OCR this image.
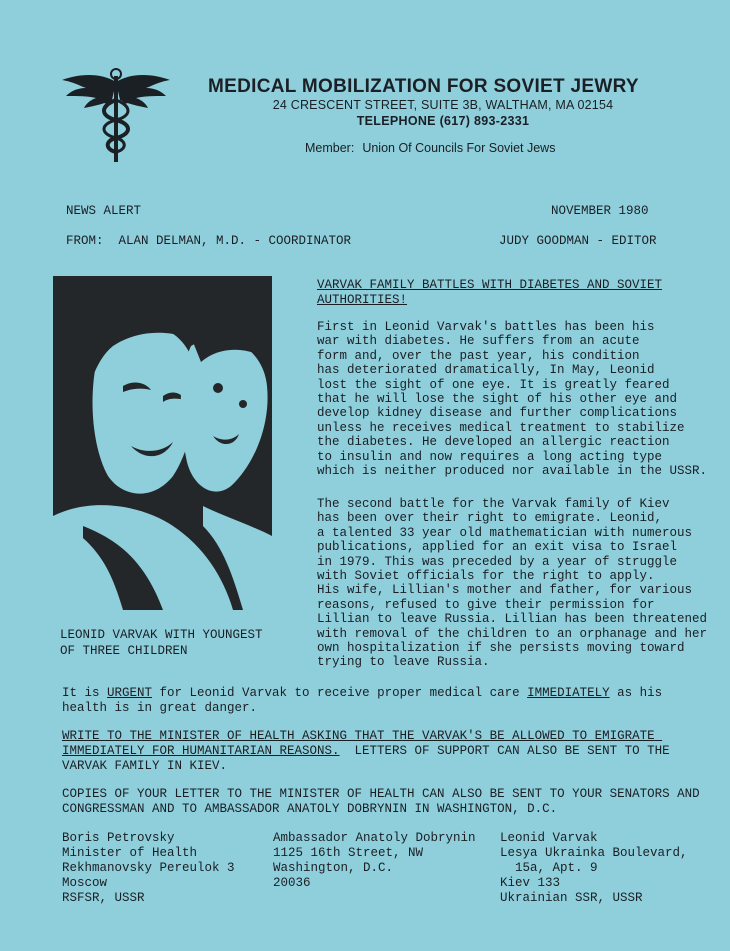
MEDICAL MOBILIZATION FOR SOVIET JEWRY
24 CRESCENT STREET, SUITE 3B, WALTHAM, MA 02154
TELEPHONE (617) 893-2331
Member: Union Of Councils For Soviet Jews
NEWS ALERT	NOVEMBER 1980
FROM:  ALAN DELMAN, M.D. - COORDINATOR	JUDY GOODMAN - EDITOR
LEONID VARVAK WITH YOUNGEST
OF THREE CHILDREN
VARVAK FAMILY BATTLES WITH DIABETES AND SOVIET AUTHORITIES!
First in Leonid Varvak's battles has been his
war with diabetes. He suffers from an acute
form and, over the past year, his condition
has deteriorated dramatically, In May, Leonid
lost the sight of one eye. It is greatly feared
that he will lose the sight of his other eye and
develop kidney disease and further complications
unless he receives medical treatment to stabilize
the diabetes. He developed an allergic reaction
to insulin and now requires a long acting type
which is neither produced nor available in the USSR.
The second battle for the Varvak family of Kiev
has been over their right to emigrate. Leonid,
a talented 33 year old mathematician with numerous
publications, applied for an exit visa to Israel
in 1979. This was preceded by a year of struggle
with Soviet officials for the right to apply.
His wife, Lillian's mother and father, for various
reasons, refused to give their permission for
Lillian to leave Russia. Lillian has been threatened
with removal of the children to an orphanage and her
own hospitalization if she persists moving toward
trying to leave Russia.
It is URGENT for Leonid Varvak to receive proper medical care IMMEDIATELY as his health is in great danger.
WRITE TO THE MINISTER OF HEALTH ASKING THAT THE VARVAK'S BE ALLOWED TO EMIGRATE IMMEDIATELY FOR HUMANITARIAN REASONS.  LETTERS OF SUPPORT CAN ALSO BE SENT TO THE VARVAK FAMILY IN KIEV.
COPIES OF YOUR LETTER TO THE MINISTER OF HEALTH CAN ALSO BE SENT TO YOUR SENATORS AND CONGRESSMAN AND TO AMBASSADOR ANATOLY DOBRYNIN IN WASHINGTON, D.C.
Boris Petrovsky
Minister of Health
Rekhmanovsky Pereulok 3
Moscow
RSFSR, USSR
Ambassador Anatoly Dobrynin
1125 16th Street, NW
Washington, D.C.
20036
Leonid Varvak
Lesya Ukrainka Boulevard,
15a, Apt. 9
Kiev 133
Ukrainian SSR, USSR
